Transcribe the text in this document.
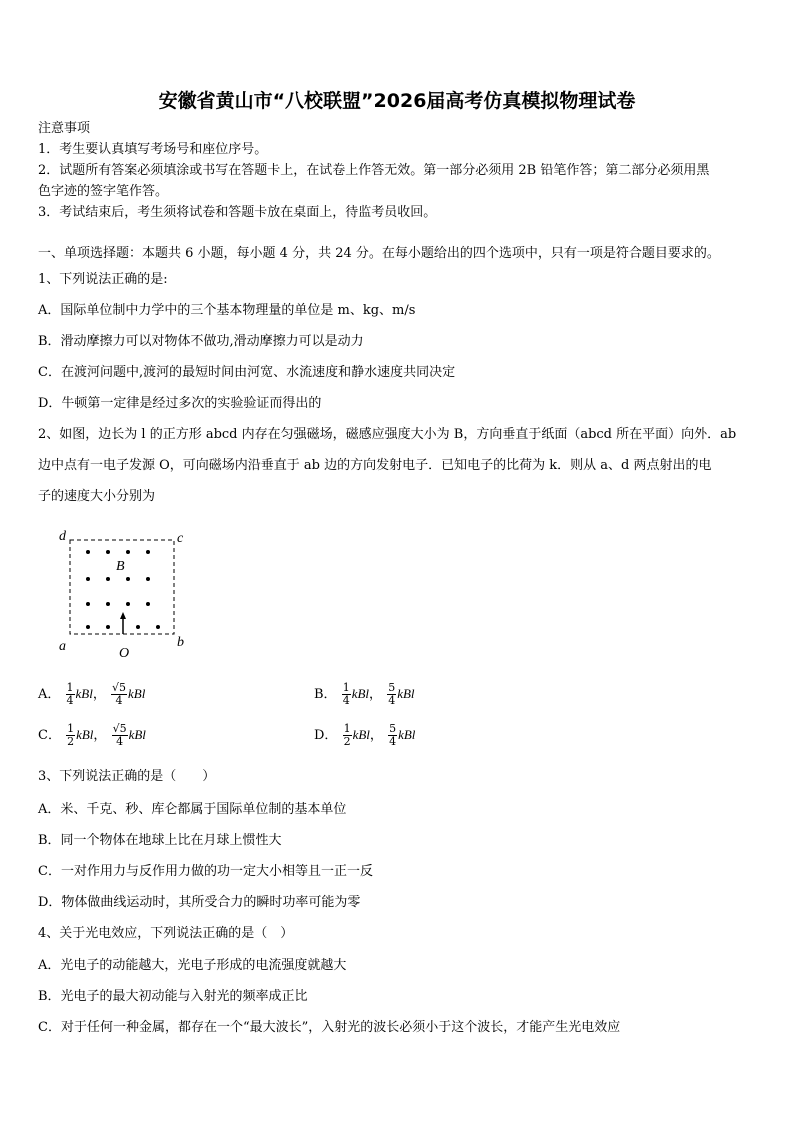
安徽省黄山市“八校联盟”2026届高考仿真模拟物理试卷
注意事项
1．考生要认真填写考场号和座位序号。
2．试题所有答案必须填涂或书写在答题卡上，在试卷上作答无效。第一部分必须用 2B 铅笔作答；第二部分必须用黑
色字迹的签字笔作答。
3．考试结束后，考生须将试卷和答题卡放在桌面上，待监考员收回。
一、单项选择题：本题共 6 小题，每小题 4 分，共 24 分。在每小题给出的四个选项中，只有一项是符合题目要求的。
1、下列说法正确的是:
A．国际单位制中力学中的三个基本物理量的单位是 m、kg、m/s
B．滑动摩擦力可以对物体不做功,滑动摩擦力可以是动力
C．在渡河问题中,渡河的最短时间由河宽、水流速度和静水速度共同决定
D．牛顿第一定律是经过多次的实验验证而得出的
2、如图，边长为 l 的正方形 abcd 内存在匀强磁场，磁感应强度大小为 B，方向垂直于纸面（abcd 所在平面）向外．ab
边中点有一电子发源 O，可向磁场内沿垂直于 ab 边的方向发射电子．已知电子的比荷为 k．则从 a、d 两点射出的电
子的速度大小分别为
d	c
a	b
B
O
A． $\frac{1}{4}$ kBl， $\frac{√5}{4}$ kBl	B． $\frac{1}{4}$ kBl， $\frac{5}{4}$ kBl
C． $\frac{1}{2}$ kBl， $\frac{√5}{4}$ kBl	D． $\frac{1}{2}$ kBl， $\frac{5}{4}$ kBl
3、下列说法正确的是（　　）
A．米、千克、秒、库仑都属于国际单位制的基本单位
B．同一个物体在地球上比在月球上惯性大
C．一对作用力与反作用力做的功一定大小相等且一正一反
D．物体做曲线运动时，其所受合力的瞬时功率可能为零
4、关于光电效应，下列说法正确的是（　）
A．光电子的动能越大，光电子形成的电流强度就越大
B．光电子的最大初动能与入射光的频率成正比
C．对于任何一种金属，都存在一个“最大波长”，入射光的波长必须小于这个波长，才能产生光电效应
